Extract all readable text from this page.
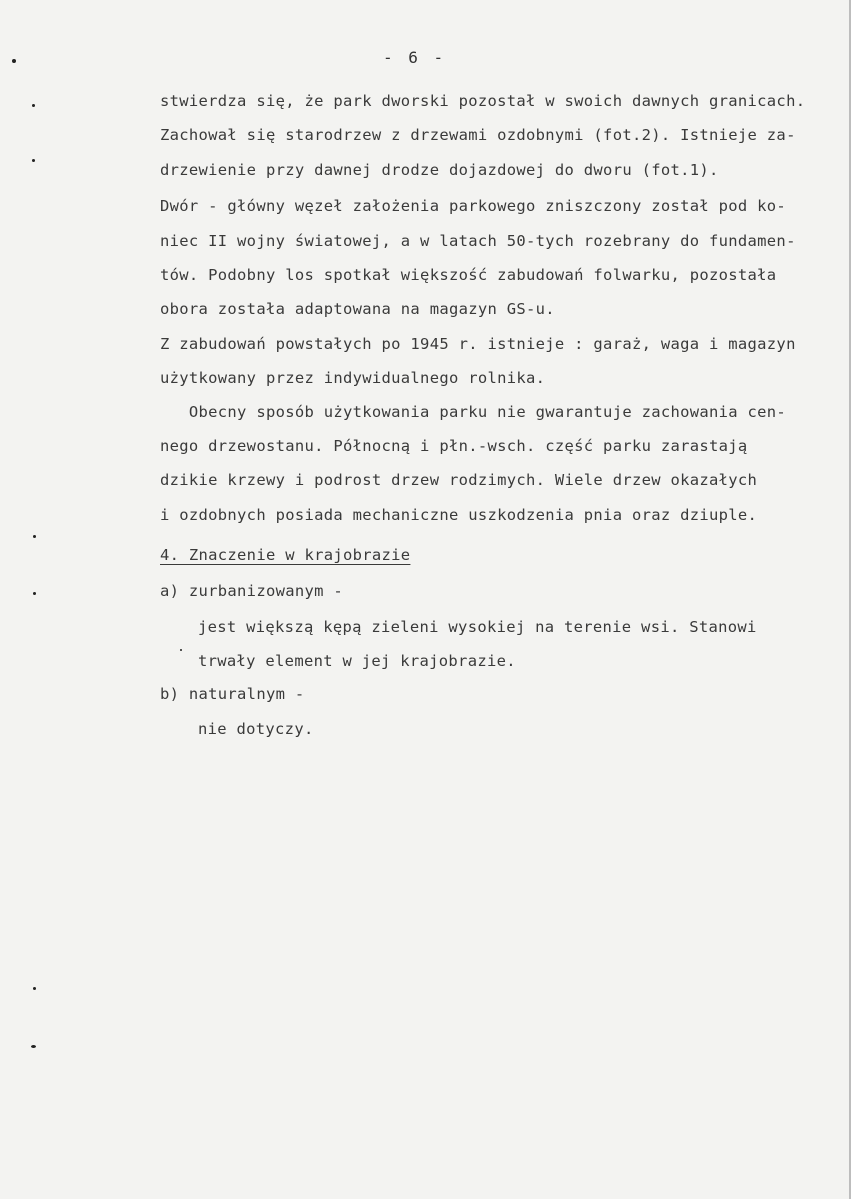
- 6 -
stwierdza się, że park dworski pozostał w swoich dawnych granicach.
Zachował się starodrzew z drzewami ozdobnymi (fot.2). Istnieje za-
drzewienie przy dawnej drodze dojazdowej do dworu (fot.1).
Dwór - główny węzeł założenia parkowego zniszczony został pod ko-
niec II wojny światowej, a w latach 50-tych rozebrany do fundamen-
tów. Podobny los spotkał większość zabudowań folwarku, pozostała
obora została adaptowana na magazyn GS-u.
Z zabudowań powstałych po 1945 r. istnieje : garaż, waga i magazyn
użytkowany przez indywidualnego rolnika.
Obecny sposób użytkowania parku nie gwarantuje zachowania cen-
nego drzewostanu. Północną i płn.-wsch. część parku zarastają
dzikie krzewy i podrost drzew rodzimych. Wiele drzew okazałych
i ozdobnych posiada mechaniczne uszkodzenia pnia oraz dziuple.
4. Znaczenie w krajobrazie
a) zurbanizowanym -
jest większą kępą zieleni wysokiej na terenie wsi. Stanowi
trwały element w jej krajobrazie.
b) naturalnym -
nie dotyczy.
